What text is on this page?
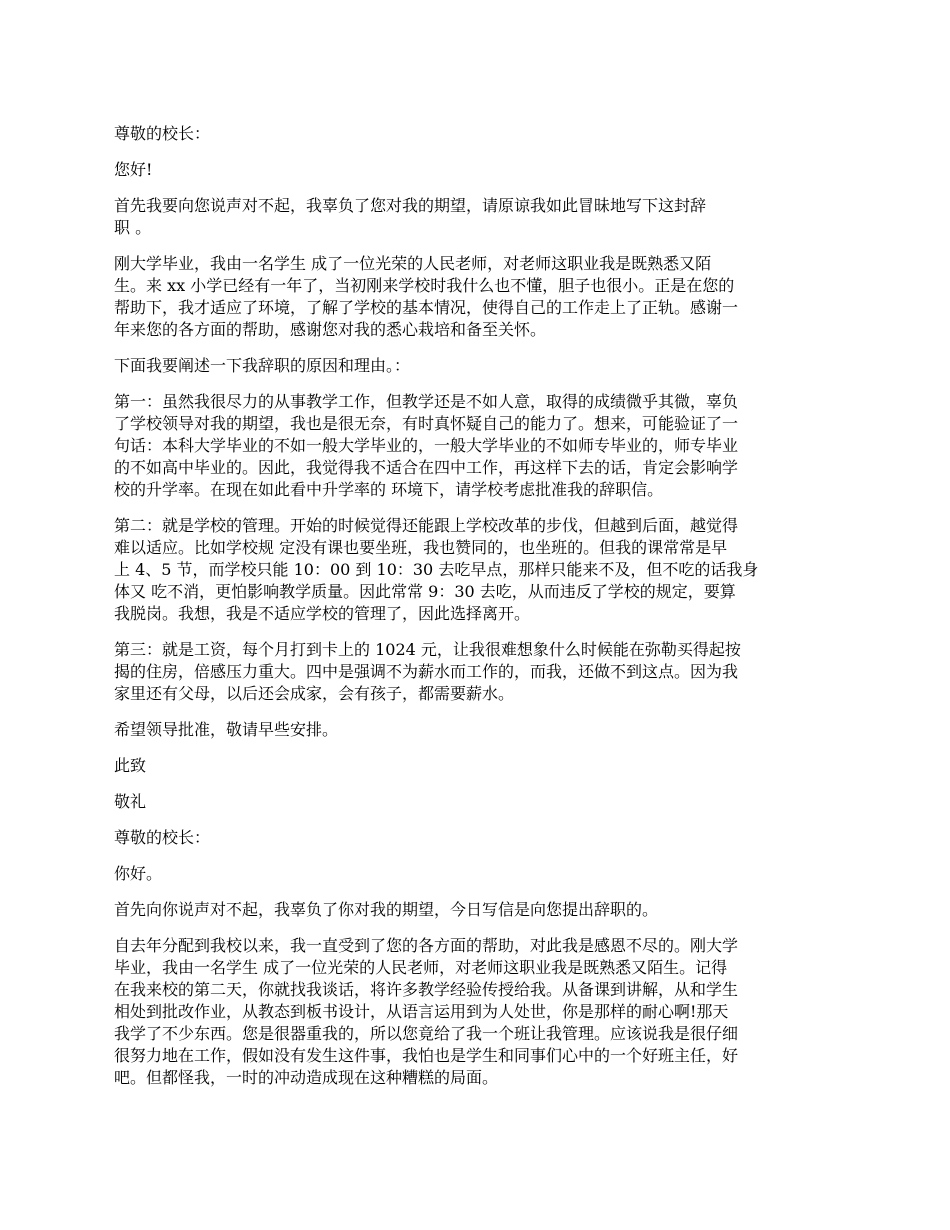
尊敬的校长：

您好!

首先我要向您说声对不起，我辜负了您对我的期望，请原谅我如此冒昧地写下这封辞
职 。

刚大学毕业，我由一名学生 成了一位光荣的人民老师，对老师这职业我是既熟悉又陌
生。来 xx 小学已经有一年了，当初刚来学校时我什么也不懂，胆子也很小。正是在您的
帮助下，我才适应了环境，了解了学校的基本情况，使得自己的工作走上了正轨。感谢一
年来您的各方面的帮助，感谢您对我的悉心栽培和备至关怀。

下面我要阐述一下我辞职的原因和理由。：

第一：虽然我很尽力的从事教学工作，但教学还是不如人意，取得的成绩微乎其微，辜负
了学校领导对我的期望，我也是很无奈，有时真怀疑自己的能力了。想来，可能验证了一
句话：本科大学毕业的不如一般大学毕业的，一般大学毕业的不如师专毕业的，师专毕业
的不如高中毕业的。因此，我觉得我不适合在四中工作，再这样下去的话，肯定会影响学
校的升学率。在现在如此看中升学率的 环境下，请学校考虑批准我的辞职信。

第二：就是学校的管理。开始的时候觉得还能跟上学校改革的步伐，但越到后面，越觉得
难以适应。比如学校规 定没有课也要坐班，我也赞同的，也坐班的。但我的课常常是早
上 4、5 节，而学校只能 10：00 到 10：30 去吃早点，那样只能来不及，但不吃的话我身
体又 吃不消，更怕影响教学质量。因此常常 9：30 去吃，从而违反了学校的规定，要算
我脱岗。我想，我是不适应学校的管理了，因此选择离开。

第三：就是工资，每个月打到卡上的 1024 元，让我很难想象什么时候能在弥勒买得起按
揭的住房，倍感压力重大。四中是强调不为薪水而工作的，而我，还做不到这点。因为我
家里还有父母，以后还会成家，会有孩子，都需要薪水。

希望领导批准，敬请早些安排。

此致

敬礼

尊敬的校长：

你好。

首先向你说声对不起，我辜负了你对我的期望，今日写信是向您提出辞职的。

自去年分配到我校以来，我一直受到了您的各方面的帮助，对此我是感恩不尽的。刚大学
毕业，我由一名学生 成了一位光荣的人民老师，对老师这职业我是既熟悉又陌生。记得
在我来校的第二天，你就找我谈话，将许多教学经验传授给我。从备课到讲解，从和学生
相处到批改作业，从教态到板书设计，从语言运用到为人处世，你是那样的耐心啊!那天
我学了不少东西。您是很器重我的，所以您竟给了我一个班让我管理。应该说我是很仔细
很努力地在工作，假如没有发生这件事，我怕也是学生和同事们心中的一个好班主任，好
吧。但都怪我，一时的冲动造成现在这种糟糕的局面。
